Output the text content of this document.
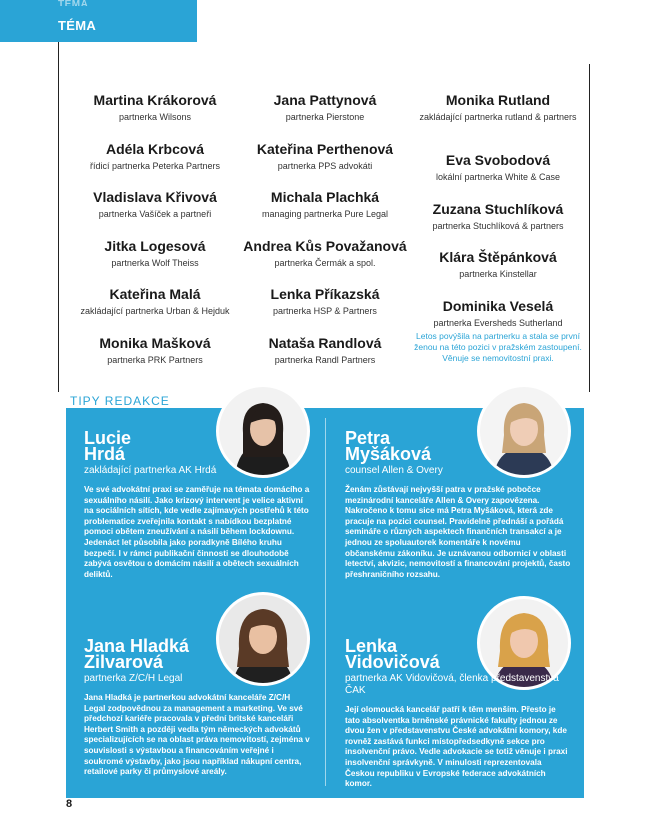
TÉMA
TÉMA
Martina Krákorová
partnerka Wilsons
Adéla Krbcová
řídicí partnerka Peterka Partners
Vladislava Křivová
partnerka Vašíček a partneři
Jitka Logesová
partnerka Wolf Theiss
Kateřina Malá
zakládající partnerka Urban & Hejduk
Monika Mašková
partnerka PRK Partners
Jana Pattynová
partnerka Pierstone
Kateřina Perthenová
partnerka PPS advokáti
Michala Plachká
managing partnerka Pure Legal
Andrea Kůs Považanová
partnerka Čermák a spol.
Lenka Příkazská
partnerka HSP & Partners
Nataša Randlová
partnerka Randl Partners
Monika Rutland
zakládající partnerka rutland & partners
Eva Svobodová
lokální partnerka White & Case
Zuzana Stuchlíková
partnerka Stuchlíková & partners
Klára Štěpánková
partnerka Kinstellar
Dominika Veselá
partnerka Eversheds Sutherland
Letos povýšila na partnerku a stala se první ženou na této pozici v pražském zastoupení. Věnuje se nemovitostní praxi.
TIPY REDAKCE
Lucie
Hrdá
zakládající partnerka AK Hrdá
Ve své advokátní praxi se zaměřuje na témata domácího a sexuálního násilí. Jako krizový intervent je velice aktivní na sociálních sítích, kde vedle zajímavých postřehů k této problematice zveřejnila kontakt s nabídkou bezplatné pomoci obětem zneužívání a násilí během lockdownu. Jedenáct let působila jako poradkyně Bílého kruhu bezpečí. I v rámci publikační činnosti se dlouhodobě zabývá osvětou o domácím násilí a obětech sexuálních deliktů.
Petra
Myšáková
counsel Allen & Overy
Ženám zůstávají nejvyšší patra v pražské pobočce mezinárodní kanceláře Allen & Overy zapovězena. Nakročeno k tomu sice má Petra Myšáková, která zde pracuje na pozici counsel. Pravidelně přednáší a pořádá semináře o různých aspektech finančních transakcí a je jednou ze spoluautorek komentáře k novému občanskému zákoníku. Je uznávanou odbornicí v oblasti letectví, akvizic, nemovitostí a financování projektů, často přeshraničního rozsahu.
Jana Hladká
Zilvarová
partnerka Z/C/H Legal
Jana Hladká je partnerkou advokátní kanceláře Z/C/H Legal zodpovědnou za management a marketing. Ve své předchozí kariéře pracovala v přední britské kanceláři Herbert Smith a později vedla tým německých advokátů specializujících se na oblast práva nemovitostí, zejména v souvislosti s výstavbou a financováním veřejné i soukromé výstavby, jako jsou například nákupní centra, retailové parky či průmyslové areály.
Lenka
Vidovičová
partnerka AK Vidovičová, členka představenstva ČAK
Její olomoucká kancelář patří k těm menším. Přesto je tato absolventka brněnské právnické fakulty jednou ze dvou žen v představenstvu České advokátní komory, kde rovněž zastává funkci místopředsedkyně sekce pro insolvenční právo. Vedle advokacie se totiž věnuje i praxi insolvenční správkyně. V minulosti reprezentovala Českou republiku v Evropské federace advokátních komor.
8
